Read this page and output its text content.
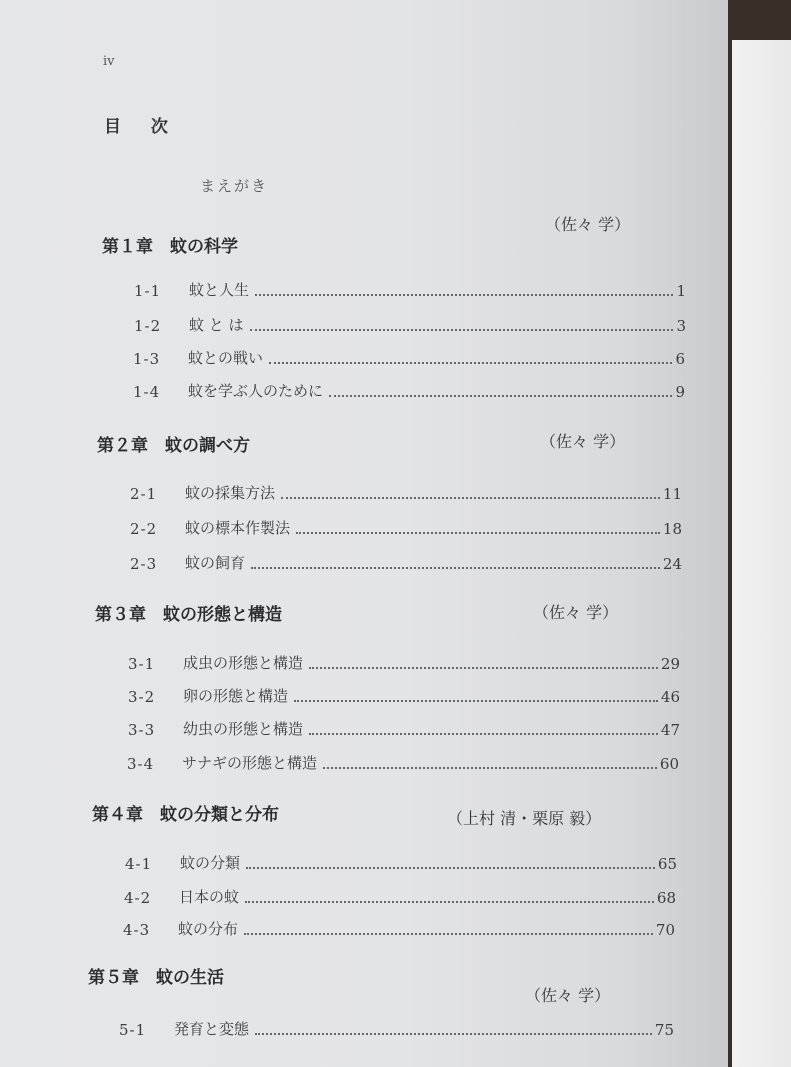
iv
目 次
まえがき
第１章　蚊の科学
（佐々 学）
1-1	蚊と人生	1
1-2	蚊 と は	3
1-3	蚊との戦い	6
1-4	蚊を学ぶ人のために	9
第２章　蚊の調べ方	（佐々 学）
2-1	蚊の採集方法	11
2-2	蚊の標本作製法	18
2-3	蚊の飼育	24
第３章　蚊の形態と構造	（佐々 学）
3-1	成虫の形態と構造	29
3-2	卵の形態と構造	46
3-3	幼虫の形態と構造	47
3-4	サナギの形態と構造	60
第４章　蚊の分類と分布	（上村 清・栗原 毅）
4-1	蚊の分類	65
4-2	日本の蚊	68
4-3	蚊の分布	70
第５章　蚊の生活
（佐々 学）
5-1	発育と変態	75
